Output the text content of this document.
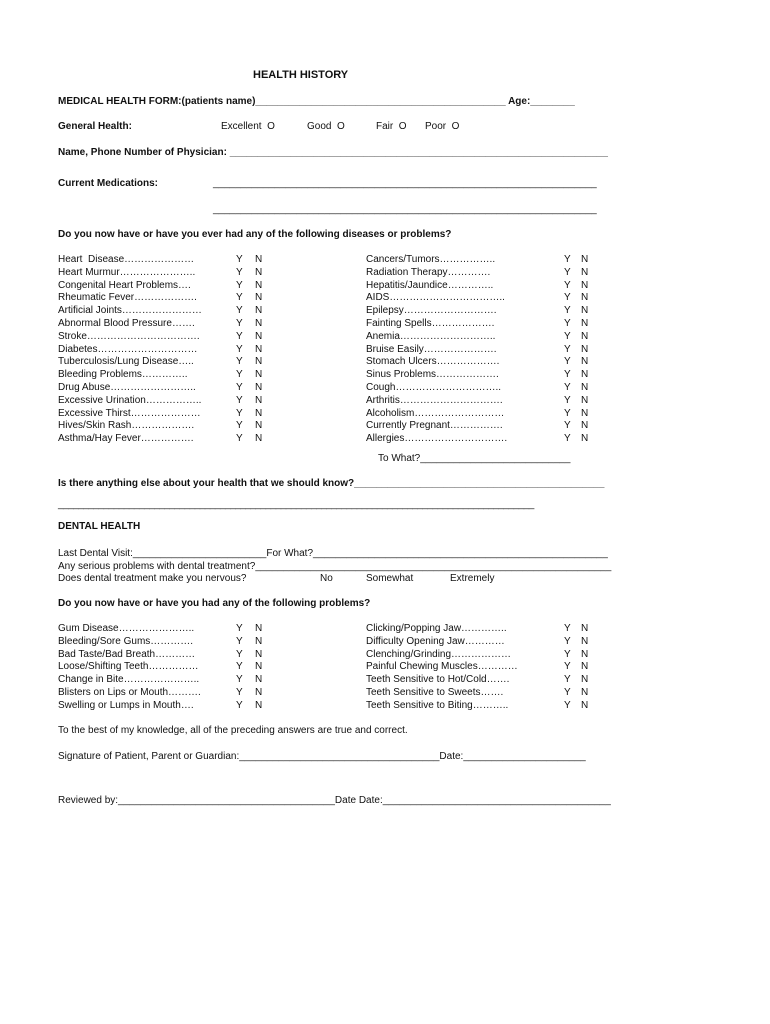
HEALTH HISTORY
MEDICAL HEALTH FORM:(patients name)_____________________________________________ Age:________
General Health:	Excellent  O	Good  O	Fair  O Poor  O
Name, Phone Number of Physician: ____________________________________________________________________
Current Medications:	_____________________________________________________________________
_____________________________________________________________________
Do you now have or have you ever had any of the following diseases or problems?
Heart  Disease…………………	Y N
Heart Murmur…………………..	Y N
Congenital Heart Problems….	Y N
Rheumatic Fever……………….	Y N
Artificial Joints……………………	Y N
Abnormal Blood Pressure…….	Y N
Stroke…………………………….	Y N
Diabetes…………………………	Y N
Tuberculosis/Lung Disease…..	Y N
Bleeding Problems…………..	Y N
Drug Abuse……………………..	Y N
Excessive Urination……………..	Y N
Excessive Thirst…………………	Y N
Hives/Skin Rash……………….	Y N
Asthma/Hay Fever…………….	Y N
Cancers/Tumors……………..	Y N
Radiation Therapy………….	Y N
Hepatitis/Jaundice…………..	Y N
AIDS……………………………..	Y N
Epilepsy……………………….	Y N
Fainting Spells……………….	Y N
Anemia………………………..	Y N
Bruise Easily………………….	Y N
Stomach Ulcers……………….	Y N
Sinus Problems……………….	Y N
Cough…………………………..	Y N
Arthritis………………………….	Y N
Alcoholism………………………	Y N
Currently Pregnant…………….	Y N
Allergies………………………….	Y N
To What?___________________________
Is there anything else about your health that we should know?_____________________________________________
______________________________________________________________________________________________
DENTAL HEALTH
Last Dental Visit:________________________For What?_____________________________________________________
Any serious problems with dental treatment?________________________________________________________________
Does dental treatment make you nervous?	No	Somewhat	Extremely
Do you now have or have you had any of the following problems?
Gum Disease…………………..	Y N
Bleeding/Sore Gums………….	Y N
Bad Taste/Bad Breath…………	Y N
Loose/Shifting Teeth……………	Y N
Change in Bite…………………..	Y N
Blisters on Lips or Mouth……….	Y N
Swelling or Lumps in Mouth….	Y N
Clicking/Popping Jaw…………..	Y N
Difficulty Opening Jaw…………	Y N
Clenching/Grinding………………	Y N
Painful Chewing Muscles…………	Y N
Teeth Sensitive to Hot/Cold…….	Y N
Teeth Sensitive to Sweets…….	Y N
Teeth Sensitive to Biting………..	Y N
To the best of my knowledge, all of the preceding answers are true and correct.
Signature of Patient, Parent or Guardian:____________________________________Date:______________________
Reviewed by:_______________________________________Date Date:_________________________________________
